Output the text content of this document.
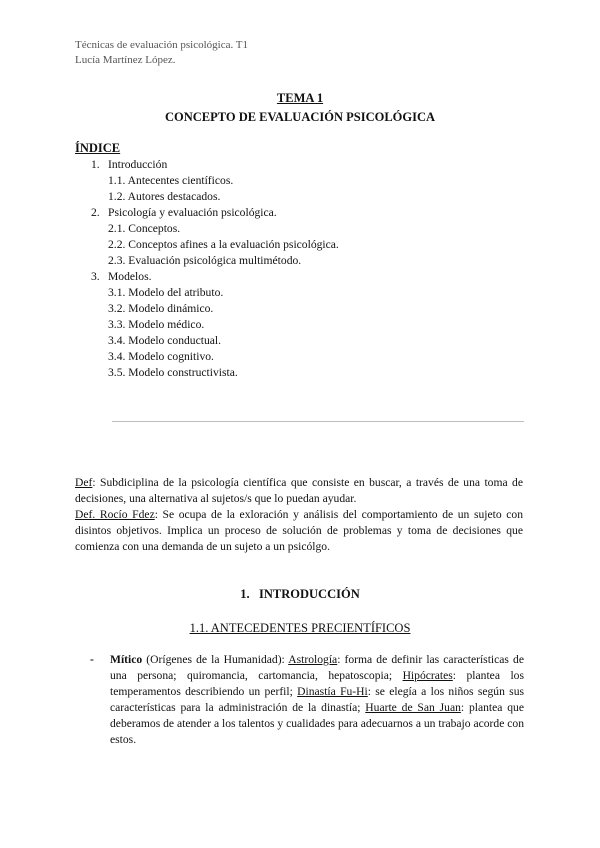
Técnicas de evaluación psicológica. T1
Lucía Martínez López.
TEMA 1
CONCEPTO DE EVALUACIÓN PSICOLÓGICA
ÍNDICE
1. Introducción
1.1. Antecentes científicos.
1.2. Autores destacados.
2. Psicología y evaluación psicológica.
2.1. Conceptos.
2.2. Conceptos afines a la evaluación psicológica.
2.3. Evaluación psicológica multimétodo.
3. Modelos.
3.1. Modelo del atributo.
3.2. Modelo dinámico.
3.3. Modelo médico.
3.4. Modelo conductual.
3.4. Modelo cognitivo.
3.5. Modelo constructivista.
Def: Subdiciplina de la psicología científica que consiste en buscar, a través de una toma de decisiones, una alternativa al sujetos/s que lo puedan ayudar.
Def. Rocío Fdez: Se ocupa de la exloración y análisis del comportamiento de un sujeto con disintos objetivos. Implica un proceso de solución de problemas y toma de decisiones que comienza con una demanda de un sujeto a un psicólgo.
1.   INTRODUCCIÓN
1.1. ANTECEDENTES PRECIENTÍFICOS
- Mítico (Orígenes de la Humanidad): Astrología: forma de definir las características de una persona; quiromancia, cartomancia, hepatoscopia; Hipócrates: plantea los temperamentos describiendo un perfil; Dinastía Fu-Hi: se elegía a los niños según sus características para la administración de la dinastía; Huarte de San Juan: plantea que deberamos de atender a los talentos y cualidades para adecuarnos a un trabajo acorde con estos.
